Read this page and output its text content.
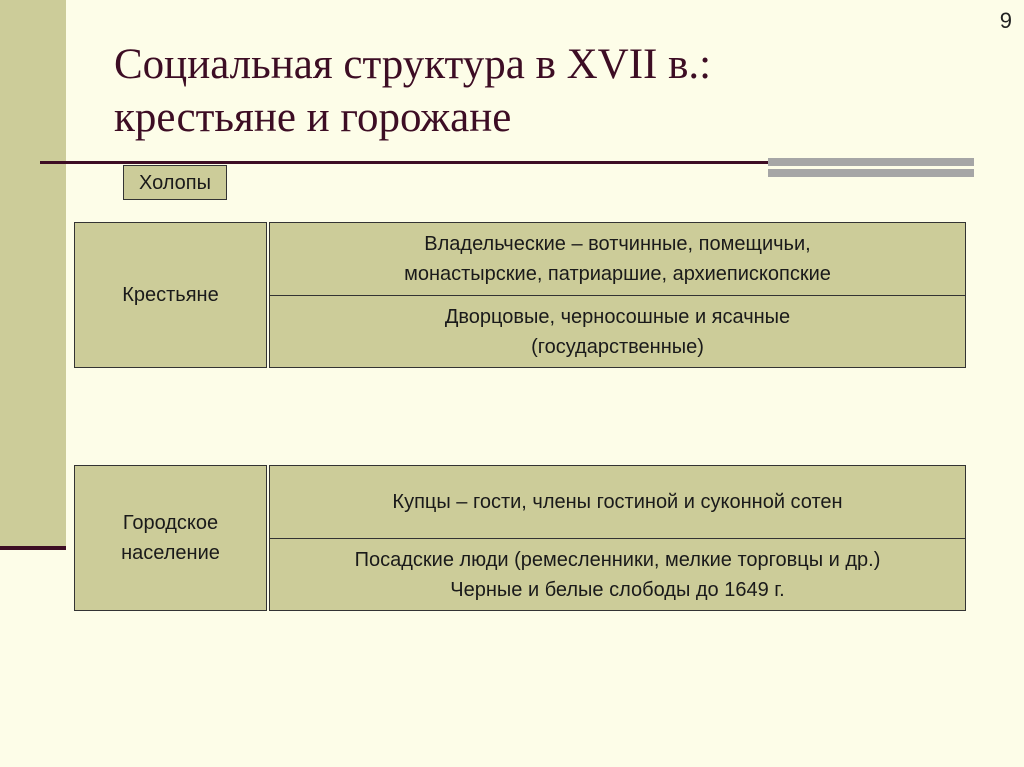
9
Социальная структура в XVII в.:
крестьяне и горожане
Холопы
Крестьяне
Владельческие – вотчинные, помещичьи,
монастырские, патриаршие, архиепископские
Дворцовые, черносошные и ясачные
(государственные)
Городское
население
Купцы – гости, члены гостиной и суконной сотен
Посадские люди (ремесленники, мелкие торговцы и др.)
Черные и белые слободы до 1649 г.
